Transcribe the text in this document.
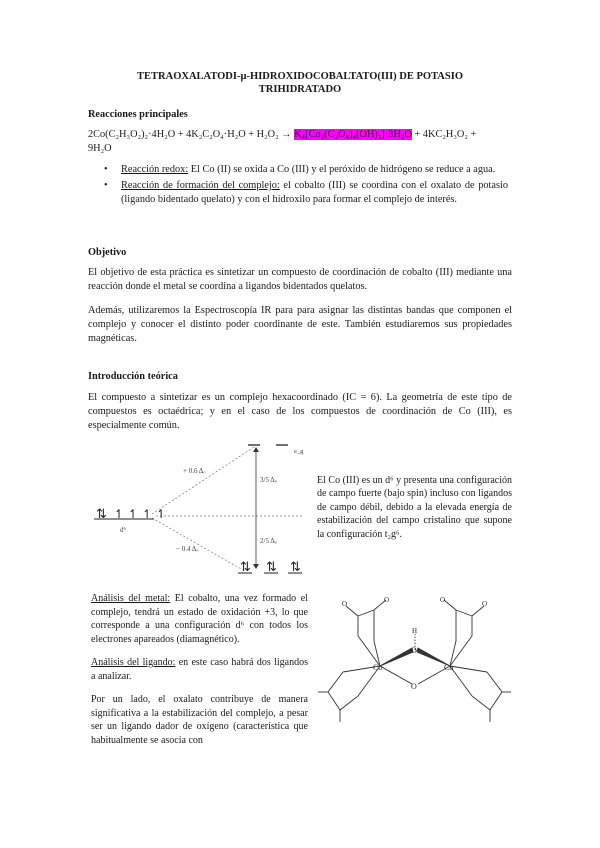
TETRAOXALATODI-µ-HIDROXIDOCOBALTATO(III) DE POTASIO
TRIHIDRATADO
Reacciones principales
2Co(C₂H₃O₂)₂·4H₂O + 4K₂C₂O₄·H₂O + H₂O₂ → K₄[Co₂(C₂O₄)₄(OH)₂]·3H₂O + 4KC₂H₃O₂ +
9H₂O
• Reacción redox: El Co (II) se oxida a Co (III) y el peróxido de hidrógeno se reduce a agua.
• Reacción de formación del complejo: el cobalto (III) se coordina con el oxalato de potasio (ligando bidentado quelato) y con el hidroxilo para formar el complejo de interés.
Objetivo
El objetivo de esta práctica es sintetizar un compuesto de coordinación de cobalto (III) mediante una reacción donde el metal se coordina a ligandos bidentados quelatos.
Además, utilizaremos la Espectroscopía IR para para asignar las distintas bandas que componen el complejo y conocer el distinto poder coordinante de este. También estudiaremos sus propiedades magnéticas.
Introducción teórica
El compuesto a sintetizar es un complejo hexacoordinado (IC = 6). La geometría de este tipo de compuestos es octaédrica; y en el caso de los compuestos de coordinación de Co (III), es especialmente común.
e_g
+ 0.6 Δₒ
− 0.4 Δₒ
3/5 Δₒ
2/5 Δₒ
⇅ ↿↿↿↿
d⁶
⇅ ⇅ ⇅
El Co (III) es un d⁶ y presenta una configuración de campo fuerte (bajo spin) incluso con ligandos de campo débil, debido a la elevada energía de estabilización del campo cristalino que supone la configuración t₂g⁶.
Análisis del metal: El cobalto, una vez formado el complejo, tendrá un estado de oxidación +3, lo que corresponde a una configuración d⁶ con todos los electrones apareados (diamagnético).
Análisis del ligando: en este caso habrá dos ligandos a analizar.
Por un lado, el oxalato contribuye de manera significativa a la estabilización del complejo, a pesar ser un ligando dador de oxígeno (característica que habitualmente se asocia con
Co	Co
O
O
H
O	O	O
O
